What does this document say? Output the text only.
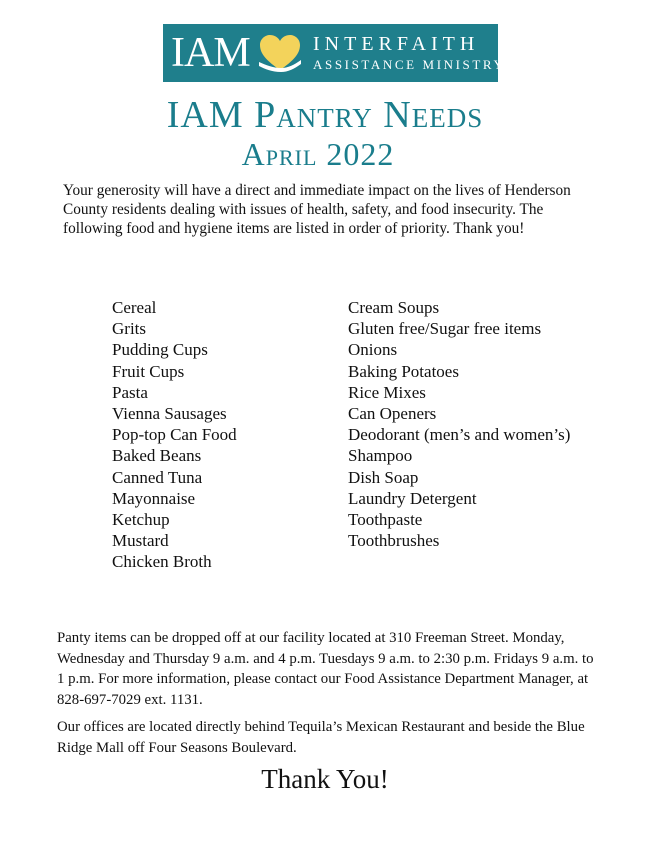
IAM	INTERFAITH
ASSISTANCE MINISTRY
IAM Pantry Needs
April 2022

Your generosity will have a direct and immediate impact on the lives of Henderson County residents dealing with issues of health, safety, and food insecurity. The following food and hygiene items are listed in order of priority. Thank you!

Cereal
Grits
Pudding Cups
Fruit Cups
Pasta
Vienna Sausages
Pop-top Can Food
Baked Beans
Canned Tuna
Mayonnaise
Ketchup
Mustard
Chicken Broth
Cream Soups
Gluten free/Sugar free items
Onions
Baking Potatoes
Rice Mixes
Can Openers
Deodorant (men’s and women’s)
Shampoo
Dish Soap
Laundry Detergent
Toothpaste
Toothbrushes

Panty items can be dropped off at our facility located at 310 Freeman Street. Monday, Wednesday and Thursday 9 a.m. and 4 p.m. Tuesdays 9 a.m. to 2:30 p.m. Fridays 9 a.m. to 1 p.m. For more information, please contact our Food Assistance Department Manager, at 828-697-7029 ext. 1131.

Our offices are located directly behind Tequila’s Mexican Restaurant and beside the Blue Ridge Mall off Four Seasons Boulevard.

Thank You!
